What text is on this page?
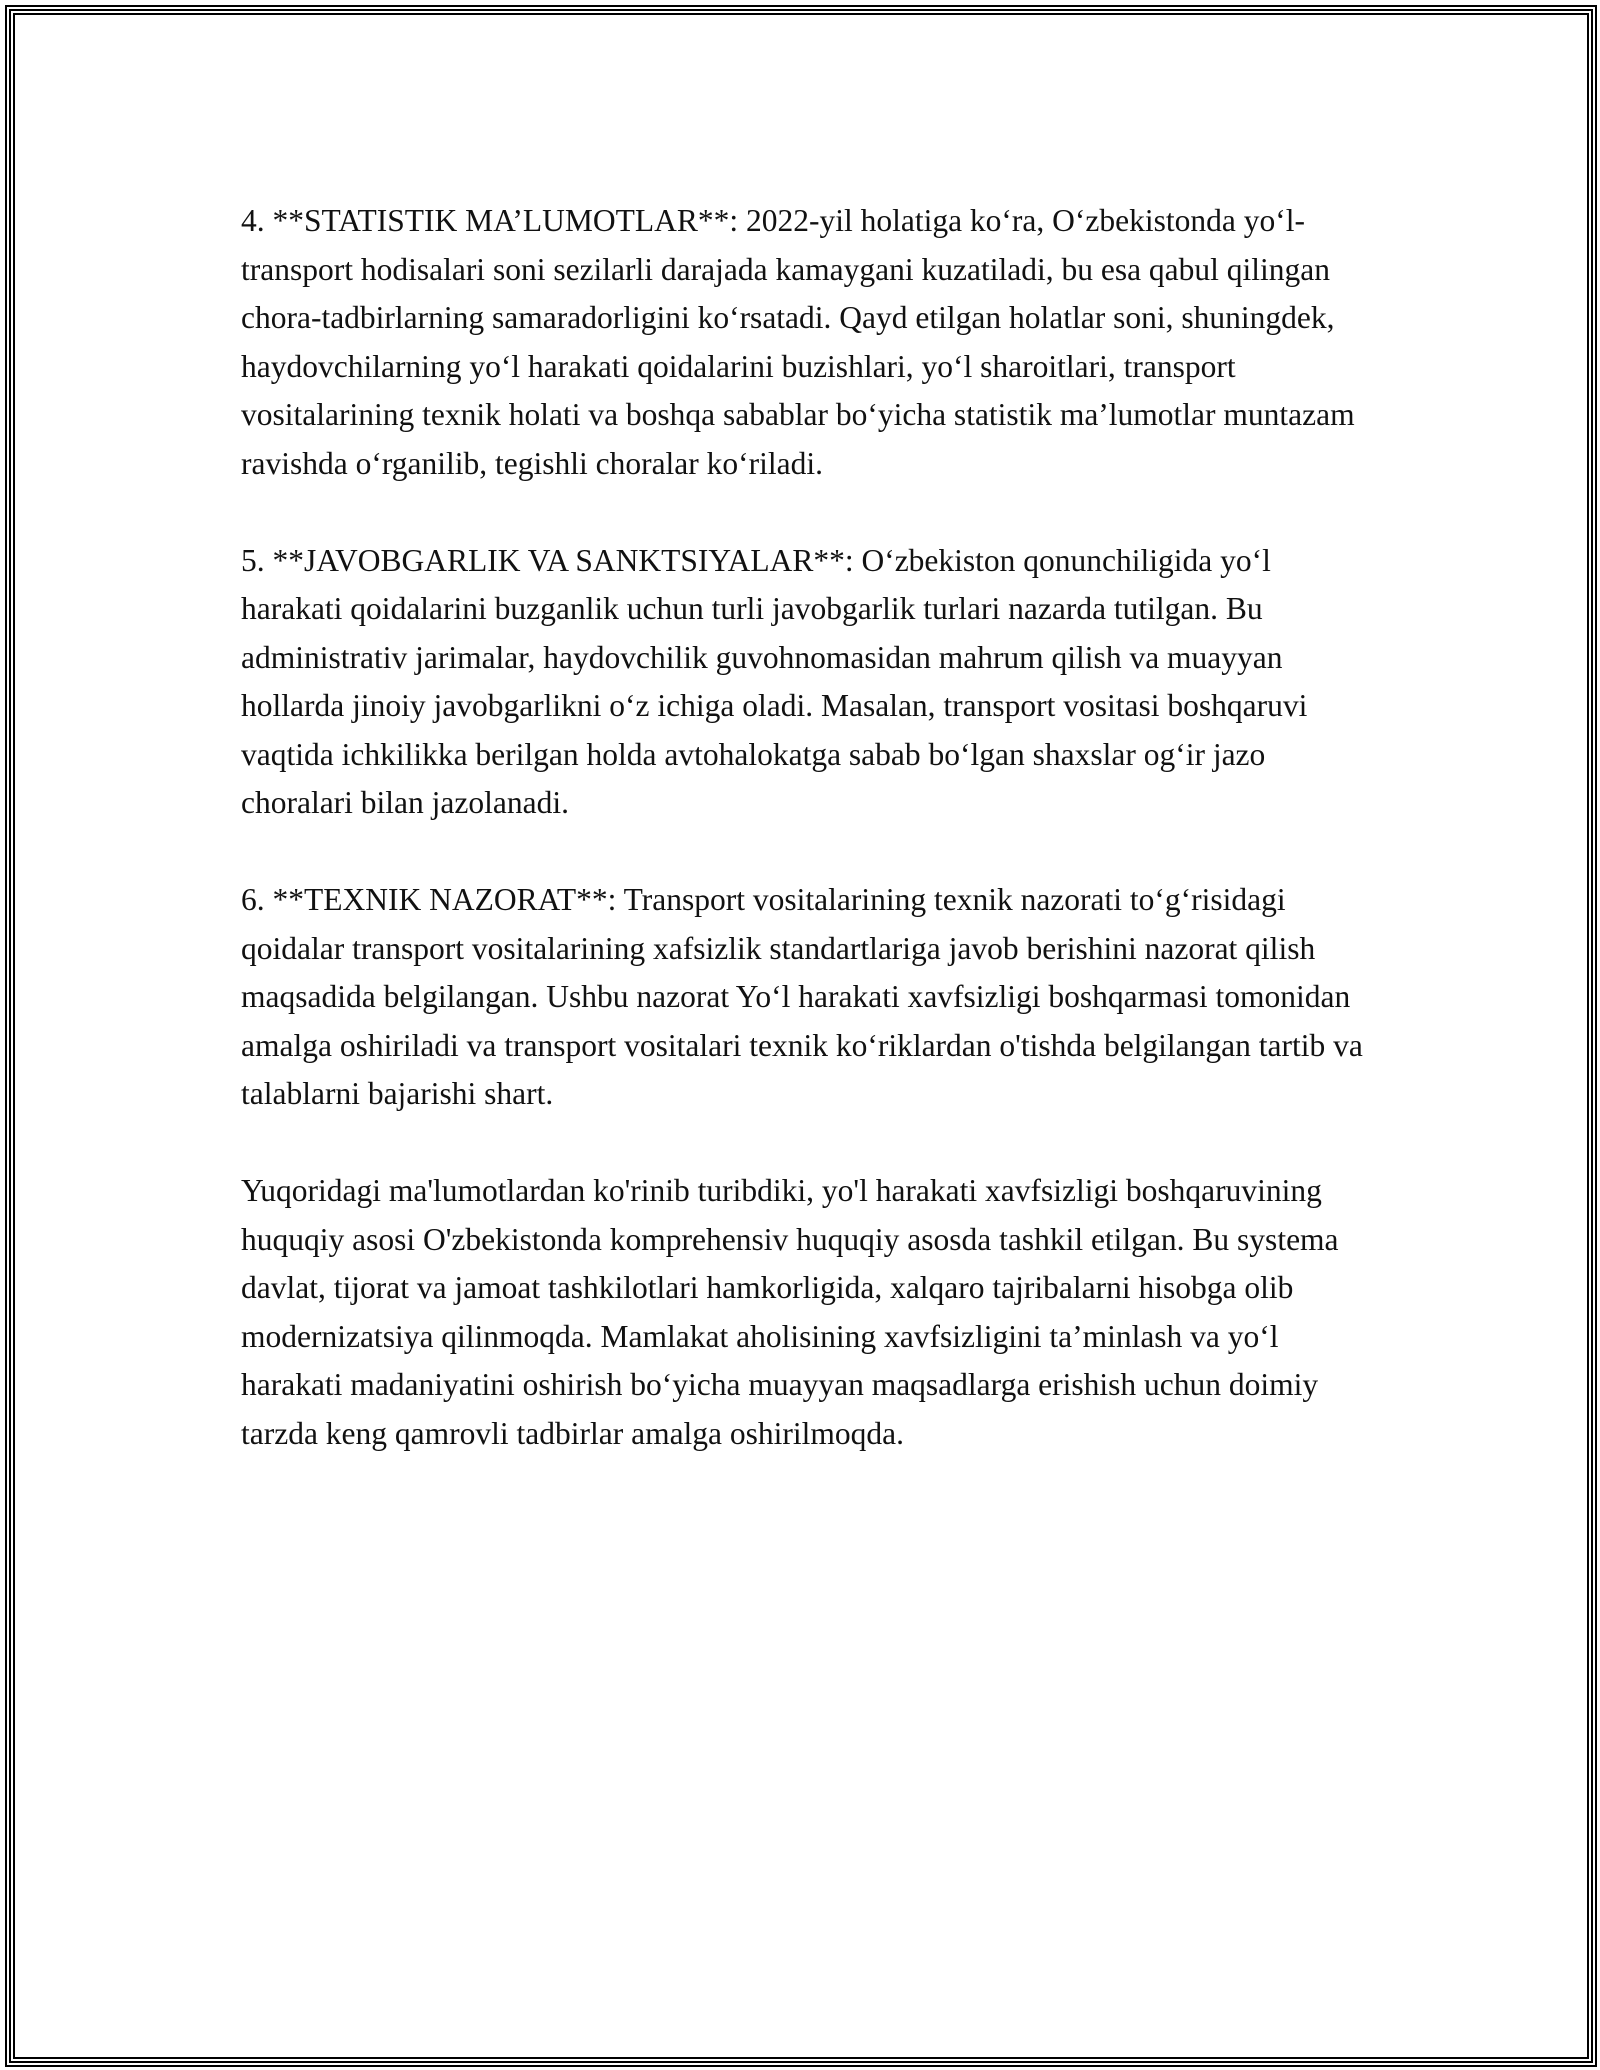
4. **STATISTIK MA’LUMOTLAR**: 2022-yil holatiga ko‘ra, O‘zbekistonda yo‘l-transport hodisalari soni sezilarli darajada kamaygani kuzatiladi, bu esa qabul qilingan chora-tadbirlarning samaradorligini ko‘rsatadi. Qayd etilgan holatlar soni, shuningdek, haydovchilarning yo‘l harakati qoidalarini buzishlari, yo‘l sharoitlari, transport vositalarining texnik holati va boshqa sabablar bo‘yicha statistik ma’lumotlar muntazam ravishda o‘rganilib, tegishli choralar ko‘riladi.

5. **JAVOBGARLIK VA SANKTSIYALAR**: O‘zbekiston qonunchiligida yo‘l harakati qoidalarini buzganlik uchun turli javobgarlik turlari nazarda tutilgan. Bu administrativ jarimalar, haydovchilik guvohnomasidan mahrum qilish va muayyan hollarda jinoiy javobgarlikni o‘z ichiga oladi. Masalan, transport vositasi boshqaruvi vaqtida ichkilikka berilgan holda avtohalokatga sabab bo‘lgan shaxslar og‘ir jazo choralari bilan jazolanadi.

6. **TEXNIK NAZORAT**: Transport vositalarining texnik nazorati to‘g‘risidagi qoidalar transport vositalarining xafsizlik standartlariga javob berishini nazorat qilish maqsadida belgilangan. Ushbu nazorat Yo‘l harakati xavfsizligi boshqarmasi tomonidan amalga oshiriladi va transport vositalari texnik ko‘riklardan o'tishda belgilangan tartib va talablarni bajarishi shart.

Yuqoridagi ma'lumotlardan ko'rinib turibdiki, yo'l harakati xavfsizligi boshqaruvining huquqiy asosi O'zbekistonda komprehensiv huquqiy asosda tashkil etilgan. Bu systema davlat, tijorat va jamoat tashkilotlari hamkorligida, xalqaro tajribalarni hisobga olib modernizatsiya qilinmoqda. Mamlakat aholisining xavfsizligini ta’minlash va yo‘l harakati madaniyatini oshirish bo‘yicha muayyan maqsadlarga erishish uchun doimiy tarzda keng qamrovli tadbirlar amalga oshirilmoqda.
